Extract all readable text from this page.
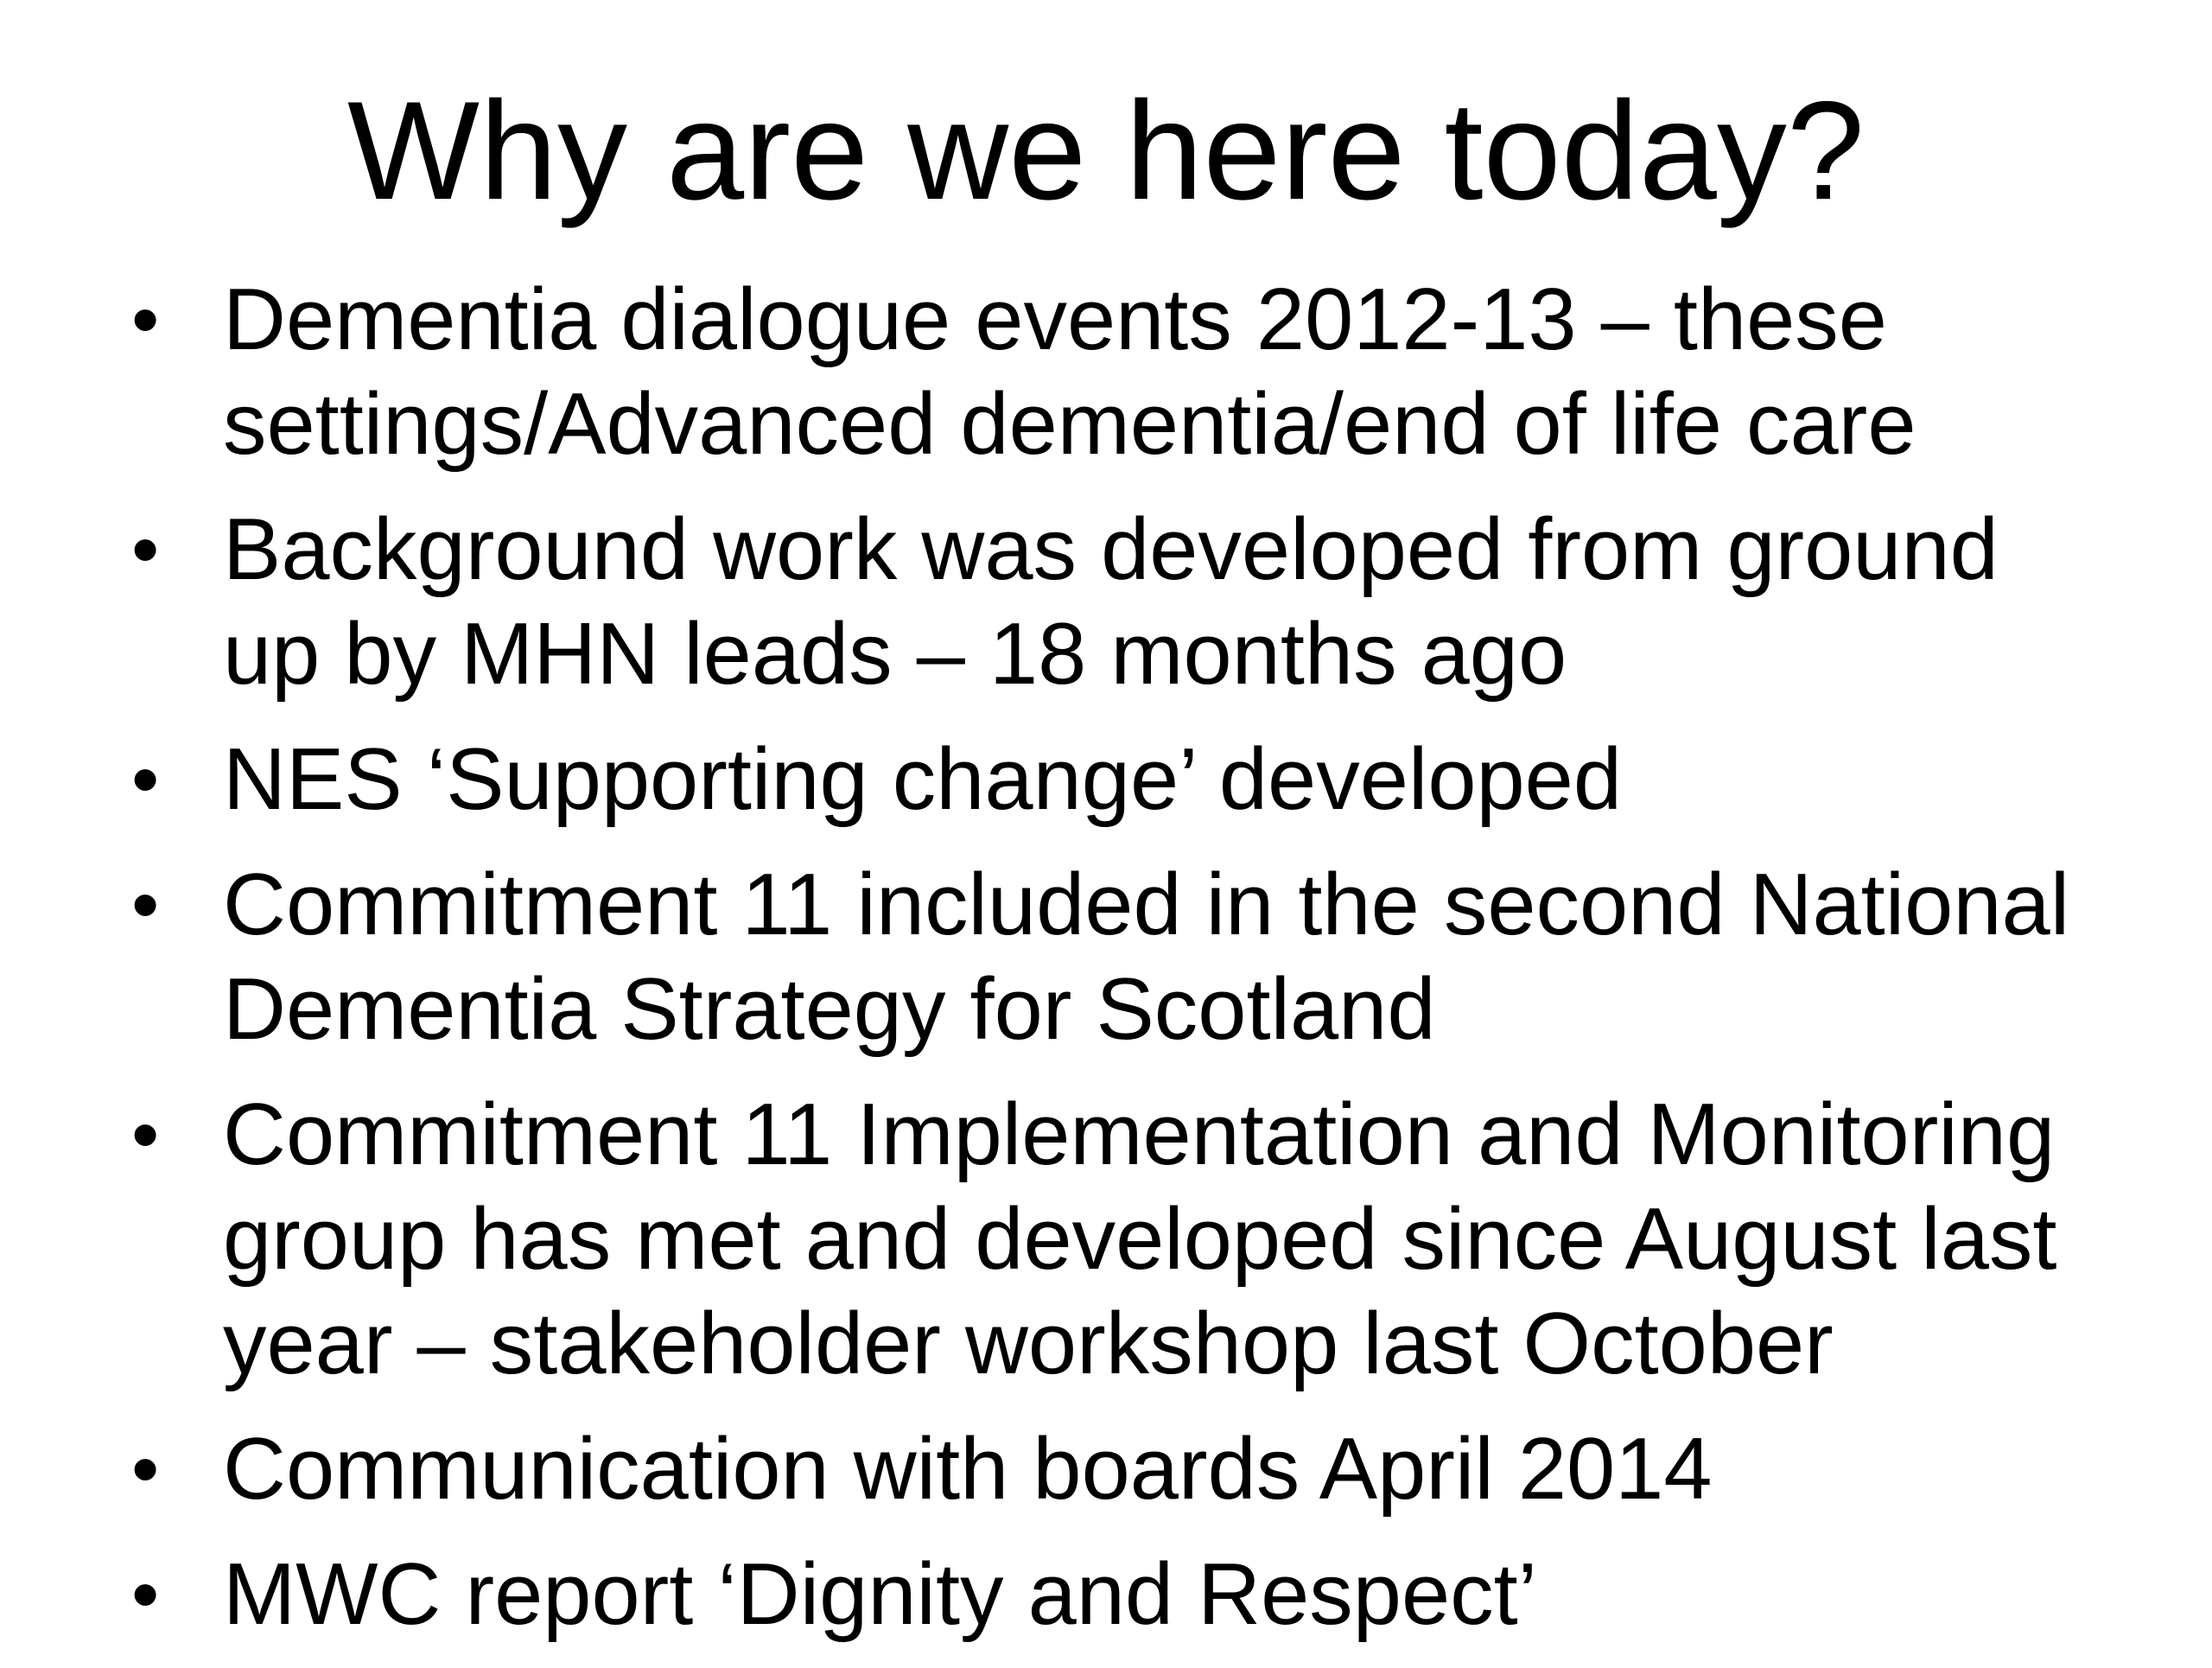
Why are we here today?
• Dementia dialogue events 2012-13 – these
settings/Advanced dementia/end of life care
• Background work was developed from ground
up by MHN leads – 18 months ago
• NES ‘Supporting change’ developed
• Commitment 11 included in the second National
Dementia Strategy for Scotland
• Commitment 11 Implementation and Monitoring
group has met and developed since August last
year – stakeholder workshop last October
• Communication with boards April 2014
• MWC report ‘Dignity and Respect’
